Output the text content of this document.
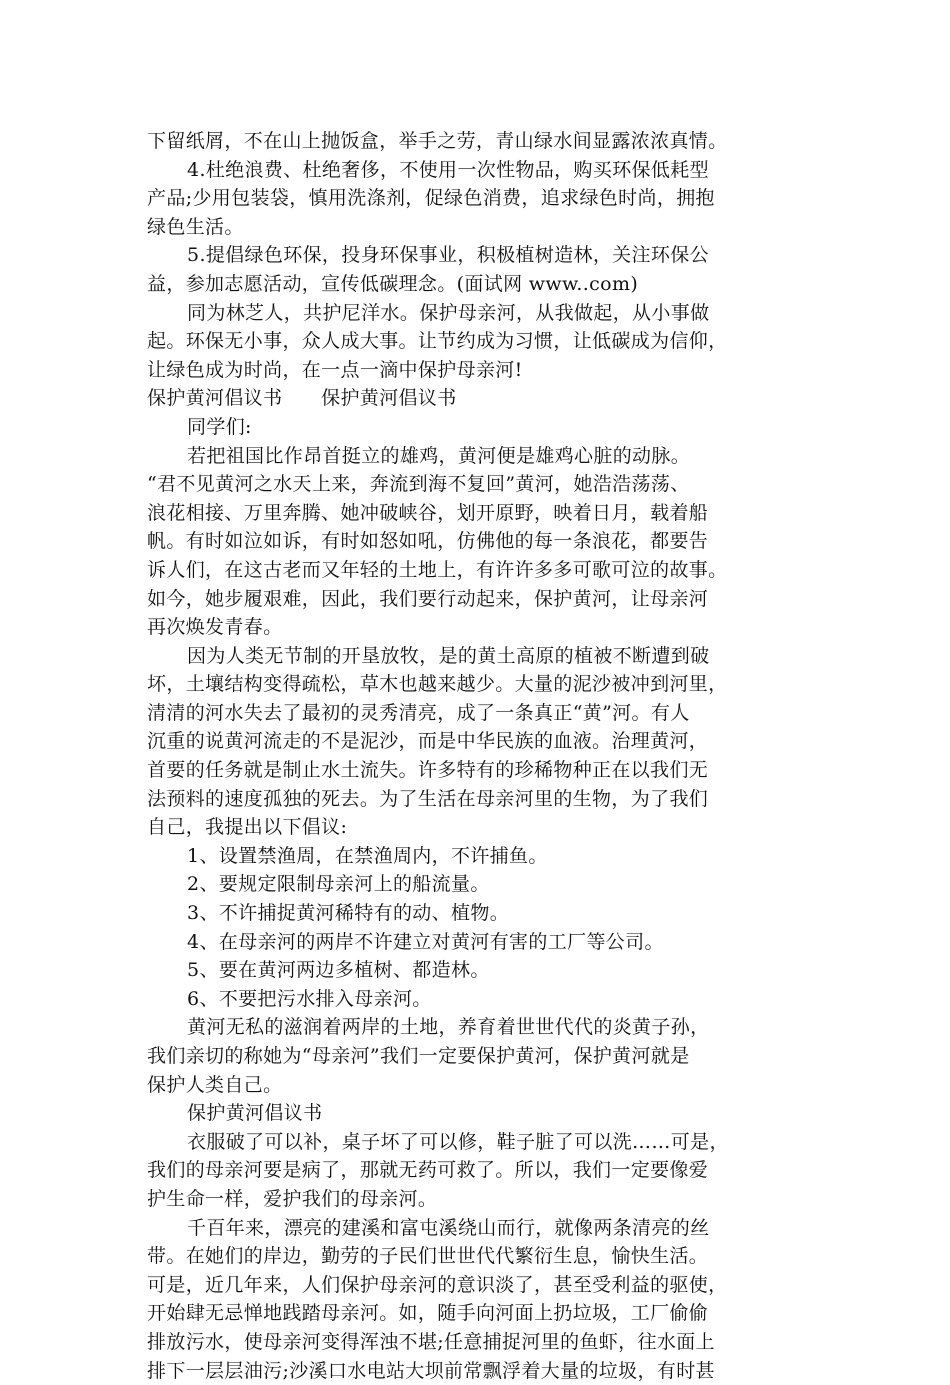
下留纸屑，不在山上抛饭盒，举手之劳，青山绿水间显露浓浓真情。
4.杜绝浪费、杜绝奢侈，不使用一次性物品，购买环保低耗型
产品;少用包装袋，慎用洗涤剂，促绿色消费，追求绿色时尚，拥抱
绿色生活。
5.提倡绿色环保，投身环保事业，积极植树造林，关注环保公
益，参加志愿活动，宣传低碳理念。(面试网 www..com)
同为林芝人，共护尼洋水。保护母亲河，从我做起，从小事做
起。环保无小事，众人成大事。让节约成为习惯，让低碳成为信仰，
让绿色成为时尚，在一点一滴中保护母亲河!
保护黄河倡议书　　保护黄河倡议书
同学们:
若把祖国比作昂首挺立的雄鸡，黄河便是雄鸡心脏的动脉。
“君不见黄河之水天上来，奔流到海不复回”黄河，她浩浩荡荡、
浪花相接、万里奔腾、她冲破峡谷，划开原野，映着日月，载着船
帆。有时如泣如诉，有时如怒如吼，仿佛他的每一条浪花，都要告
诉人们，在这古老而又年轻的土地上，有许许多多可歌可泣的故事。
如今，她步履艰难，因此，我们要行动起来，保护黄河，让母亲河
再次焕发青春。
因为人类无节制的开垦放牧，是的黄土高原的植被不断遭到破
坏，土壤结构变得疏松，草木也越来越少。大量的泥沙被冲到河里，
清清的河水失去了最初的灵秀清亮，成了一条真正“黄”河。有人
沉重的说黄河流走的不是泥沙，而是中华民族的血液。治理黄河，
首要的任务就是制止水土流失。许多特有的珍稀物种正在以我们无
法预料的速度孤独的死去。为了生活在母亲河里的生物，为了我们
自己，我提出以下倡议:
1、设置禁渔周，在禁渔周内，不许捕鱼。
2、要规定限制母亲河上的船流量。
3、不许捕捉黄河稀特有的动、植物。
4、在母亲河的两岸不许建立对黄河有害的工厂等公司。
5、要在黄河两边多植树、都造林。
6、不要把污水排入母亲河。
黄河无私的滋润着两岸的土地，养育着世世代代的炎黄子孙，
我们亲切的称她为“母亲河”我们一定要保护黄河，保护黄河就是
保护人类自己。
保护黄河倡议书
衣服破了可以补，桌子坏了可以修，鞋子脏了可以洗……可是，
我们的母亲河要是病了，那就无药可救了。所以，我们一定要像爱
护生命一样，爱护我们的母亲河。
千百年来，漂亮的建溪和富屯溪绕山而行，就像两条清亮的丝
带。在她们的岸边，勤劳的子民们世世代代繁衍生息，愉快生活。
可是，近几年来，人们保护母亲河的意识淡了，甚至受利益的驱使，
开始肆无忌惮地践踏母亲河。如，随手向河面上扔垃圾，工厂偷偷
排放污水，使母亲河变得浑浊不堪;任意捕捉河里的鱼虾，往水面上
排下一层层油污;沙溪口水电站大坝前常飘浮着大量的垃圾，有时甚
